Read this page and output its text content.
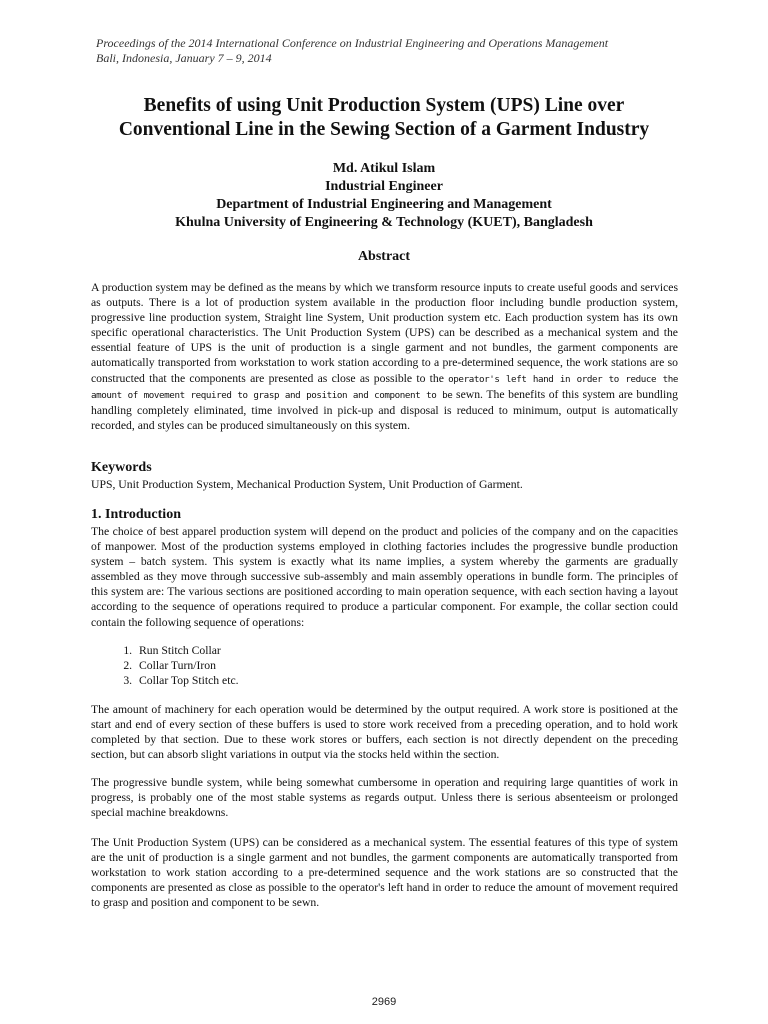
Proceedings of the 2014 International Conference on Industrial Engineering and Operations Management
Bali, Indonesia, January 7 – 9, 2014
Benefits of using Unit Production System (UPS) Line over
Conventional Line in the Sewing Section of a Garment Industry
Md. Atikul Islam
Industrial Engineer
Department of Industrial Engineering and Management
Khulna University of Engineering & Technology (KUET), Bangladesh
Abstract
A production system may be defined as the means by which we transform resource inputs to create useful goods and services as outputs. There is a lot of production system available in the production floor including bundle production system, progressive line production system, Straight line System, Unit production system etc. Each production system has its own specific operational characteristics. The Unit Production System (UPS) can be described as a mechanical system and the essential feature of UPS is the unit of production is a single garment and not bundles, the garment components are automatically transported from workstation to work station according to a pre-determined sequence, the work stations are so constructed that the components are presented as close as possible to the operator's left hand in order to reduce the amount of movement required to grasp and position and component to be sewn. The benefits of this system are bundling handling completely eliminated, time involved in pick-up and disposal is reduced to minimum, output is automatically recorded, and styles can be produced simultaneously on this system.
Keywords
UPS, Unit Production System, Mechanical Production System, Unit Production of Garment.
1. Introduction
The choice of best apparel production system will depend on the product and policies of the company and on the capacities of manpower. Most of the production systems employed in clothing factories includes the progressive bundle production system – batch system. This system is exactly what its name implies, a system whereby the garments are gradually assembled as they move through successive sub-assembly and main assembly operations in bundle form. The principles of this system are: The various sections are positioned according to main operation sequence, with each section having a layout according to the sequence of operations required to produce a particular component. For example, the collar section could contain the following sequence of operations:
1. Run Stitch Collar
2. Collar Turn/Iron
3. Collar Top Stitch etc.
The amount of machinery for each operation would be determined by the output required. A work store is positioned at the start and end of every section of these buffers is used to store work received from a preceding operation, and to hold work completed by that section. Due to these work stores or buffers, each section is not directly dependent on the preceding section, but can absorb slight variations in output via the stocks held within the section.
The progressive bundle system, while being somewhat cumbersome in operation and requiring large quantities of work in progress, is probably one of the most stable systems as regards output. Unless there is serious absenteeism or prolonged special machine breakdowns.
The Unit Production System (UPS) can be considered as a mechanical system. The essential features of this type of system are the unit of production is a single garment and not bundles, the garment components are automatically transported from workstation to work station according to a pre-determined sequence and the work stations are so constructed that the components are presented as close as possible to the operator's left hand in order to reduce the amount of movement required to grasp and position and component to be sewn.
2969
